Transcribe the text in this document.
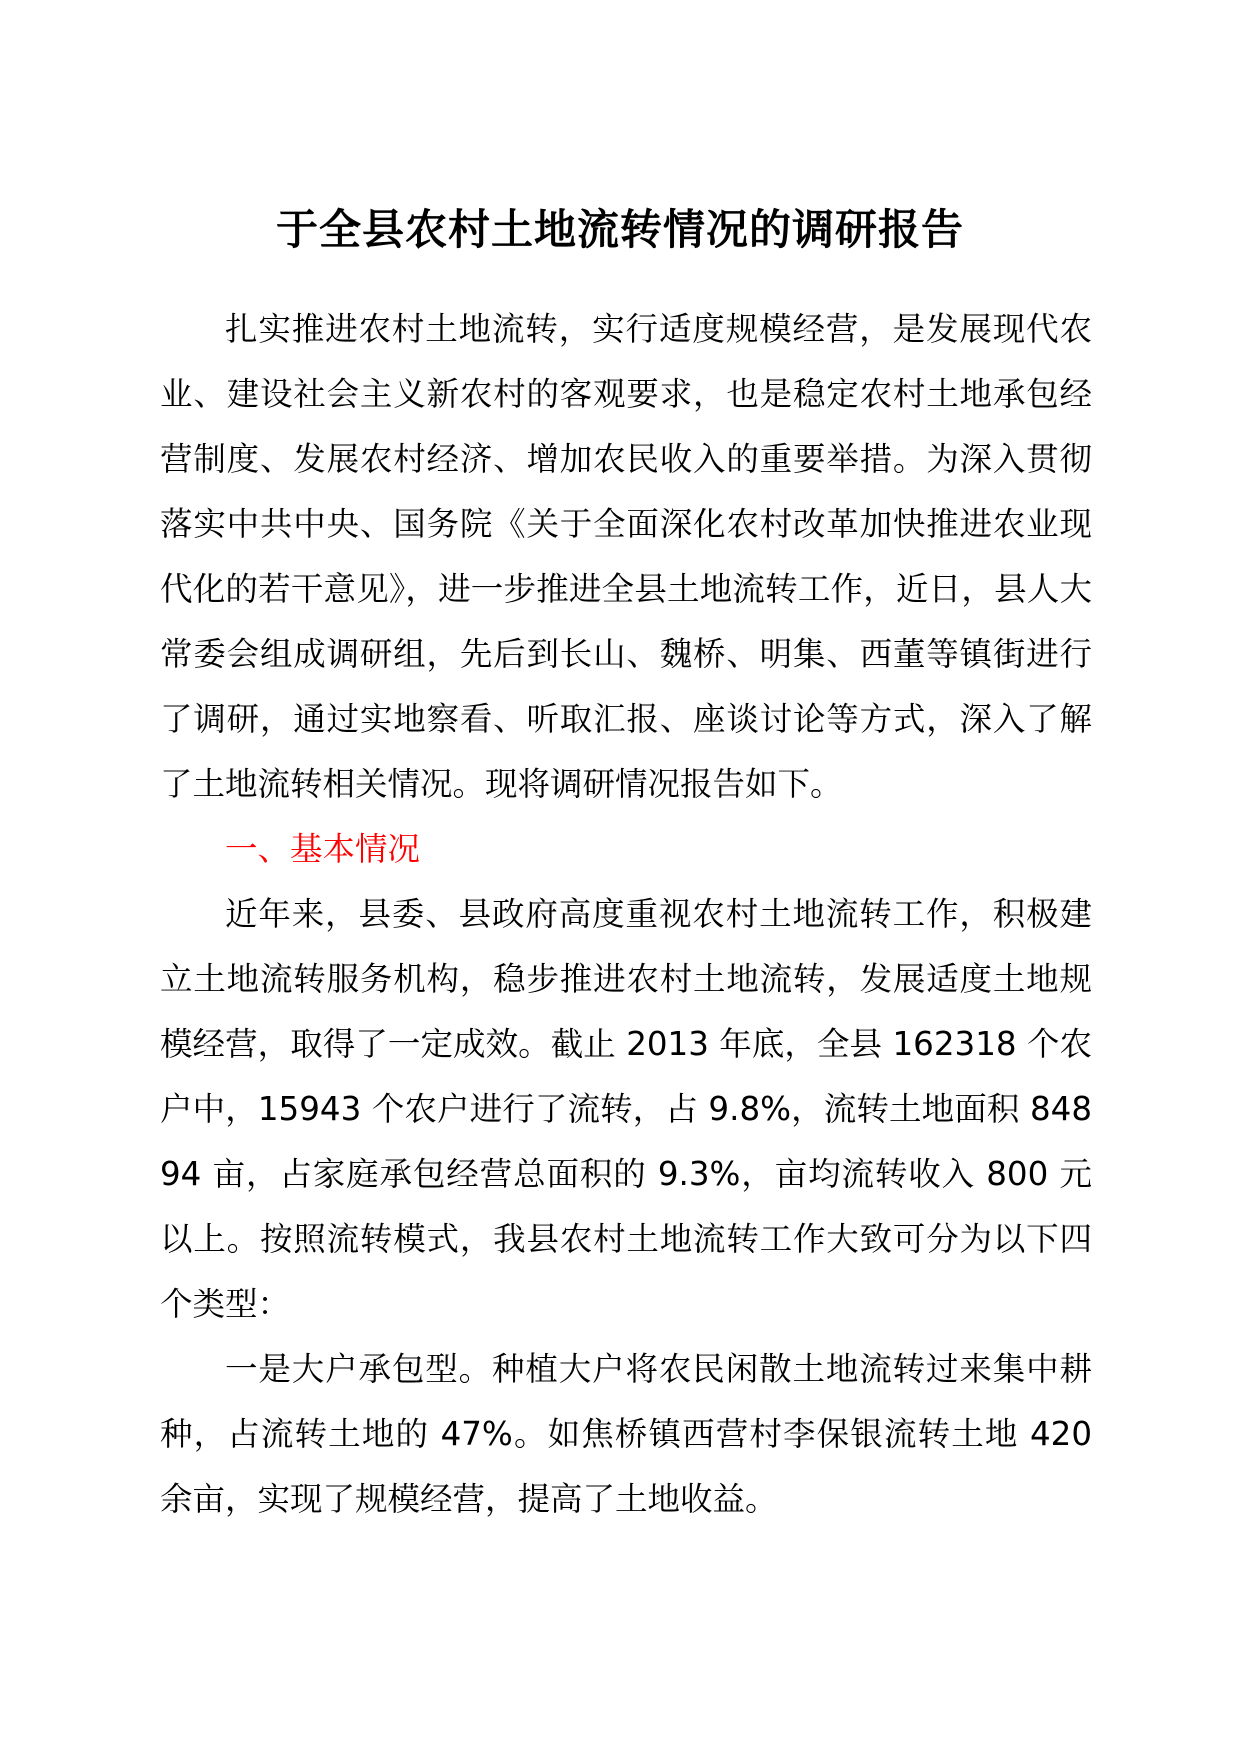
于全县农村土地流转情况的调研报告

扎实推进农村土地流转，实行适度规模经营，是发展现代农业、建设社会主义新农村的客观要求，也是稳定农村土地承包经营制度、发展农村经济、增加农民收入的重要举措。为深入贯彻落实中共中央、国务院《关于全面深化农村改革加快推进农业现代化的若干意见》，进一步推进全县土地流转工作，近日，县人大常委会组成调研组，先后到长山、魏桥、明集、西董等镇街进行了调研，通过实地察看、听取汇报、座谈讨论等方式，深入了解了土地流转相关情况。现将调研情况报告如下。

一、基本情况

近年来，县委、县政府高度重视农村土地流转工作，积极建立土地流转服务机构，稳步推进农村土地流转，发展适度土地规模经营，取得了一定成效。截止 2013 年底，全县 162318 个农户中，15943 个农户进行了流转，占 9.8%，流转土地面积 84894 亩，占家庭承包经营总面积的 9.3%，亩均流转收入 800 元以上。按照流转模式，我县农村土地流转工作大致可分为以下四个类型：

一是大户承包型。种植大户将农民闲散土地流转过来集中耕种，占流转土地的 47%。如焦桥镇西营村李保银流转土地 420 余亩，实现了规模经营，提高了土地收益。
